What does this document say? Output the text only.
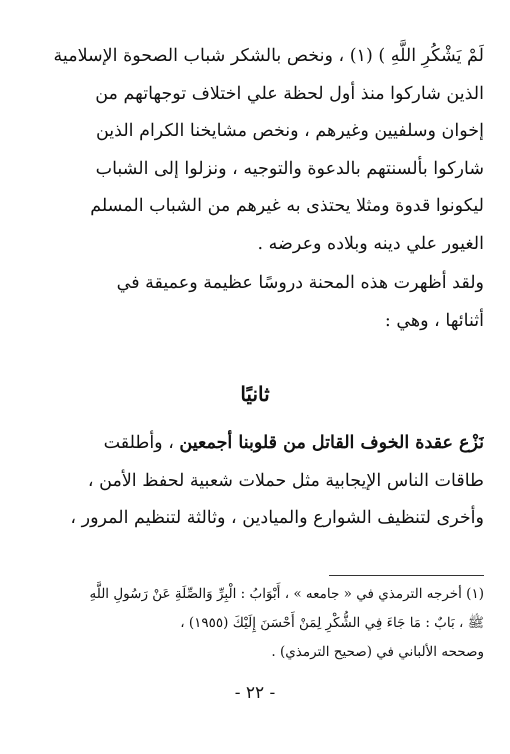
لَمْ يَشْكُرِ اللَّهِ ) (١) ، ونخص بالشكر شباب الصحوة الإسلامية
الذين شاركوا منذ أول لحظة علي اختلاف توجهاتهم من
إخوان وسلفيين وغيرهم ، ونخص مشايخنا الكرام الذين
شاركوا بألسنتهم بالدعوة والتوجيه ، ونزلوا إلى الشباب
ليكونوا قدوة ومثلا يحتذى به غيرهم من الشباب المسلم
الغيور علي دينه وبلاده وعرضه .
ولقد أظهرت هذه المحنة دروسًا عظيمة وعميقة في
أثنائها ، وهي :
ثانيًا
نَزْع عقدة الخوف القاتل من قلوبنا أجمعين ، وأطلقت
طاقات الناس الإيجابية مثل حملات شعبية لحفظ الأمن ،
وأخرى لتنظيف الشوارع والميادين ، وثالثة لتنظيم المرور ،
(١) أخرجه الترمذي في « جامعه » ، أَبْوَابُ : الْبِرِّ وَالصِّلَةِ عَنْ رَسُولِ اللَّهِ
ﷺ ، بَابٌ : مَا جَاءَ فِي الشُّكْرِ لِمَنْ أَحْسَنَ إِلَيْكَ (١٩٥٥) ،
وصححه الألباني في (صحيح الترمذي) .
- ٢٢ -
